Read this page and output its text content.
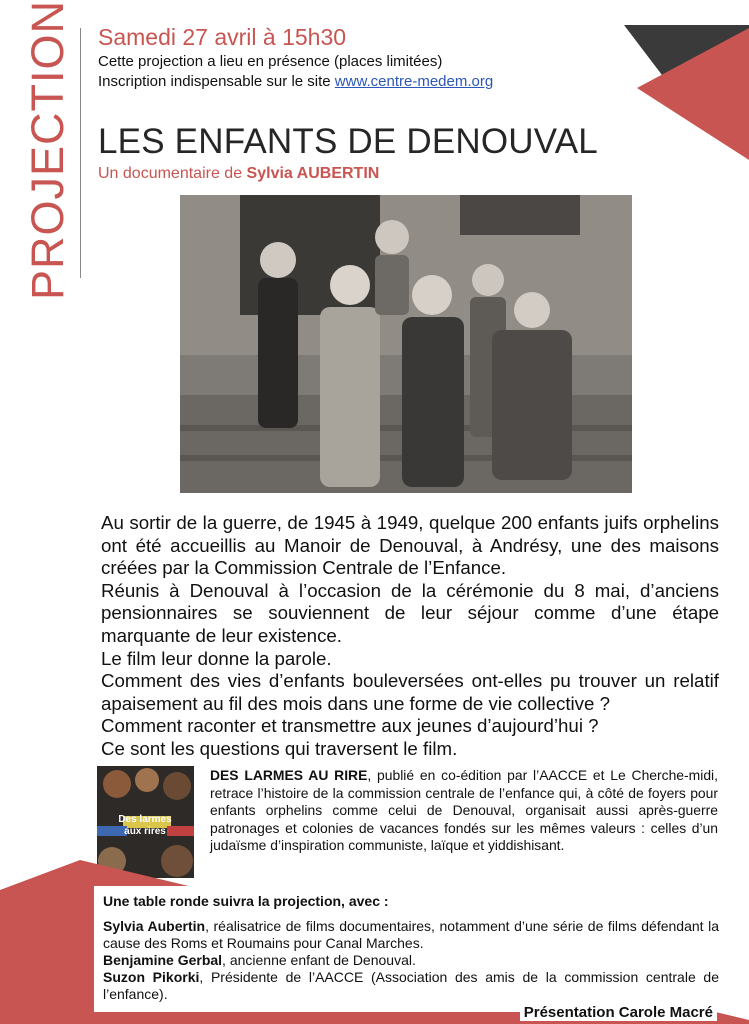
PROJECTION Samedi 27 avril à 15h30
Cette projection a lieu en présence (places limitées)
Inscription indispensable sur le site www.centre-medem.org
LES ENFANTS DE DENOUVAL
Un documentaire de Sylvia AUBERTIN

Au sortir de la guerre, de 1945 à 1949, quelque 200 enfants juifs orphelins ont été accueillis au Manoir de Denouval, à Andrésy, une des maisons créées par la Commission Centrale de l’Enfance.

Réunis à Denouval à l’occasion de la cérémonie du 8 mai, d’anciens pensionnaires se souviennent de leur séjour comme d’une étape marquante de leur existence.

Le film leur donne la parole.

Comment des vies d’enfants bouleversées ont-elles pu trouver un relatif apaisement au fil des mois dans une forme de vie collective ?

Comment raconter et transmettre aux jeunes d’aujourd’hui ?

Ce sont les questions qui traversent le film.

Des larmes
aux rires
DES LARMES AU RIRE, publié en co-édition par l’AACCE et Le Cherche-midi, retrace l’histoire de la commission centrale de l’enfance qui, à côté de foyers pour enfants orphelins comme celui de Denouval, organisait aussi après-guerre patronages et colonies de vacances fondés sur les mêmes valeurs : celles d’un judaïsme d’inspiration communiste, laïque et yiddishisant.
Une table ronde suivra la projection, avec :

Sylvia Aubertin, réalisatrice de films documentaires, notamment d’une série de films défendant la cause des Roms et Roumains pour Canal Marches.

Benjamine Gerbal, ancienne enfant de Denouval.

Suzon Pikorki, Présidente de l’AACCE (Association des amis de la commission centrale de l’enfance).

Présentation Carole Macré
